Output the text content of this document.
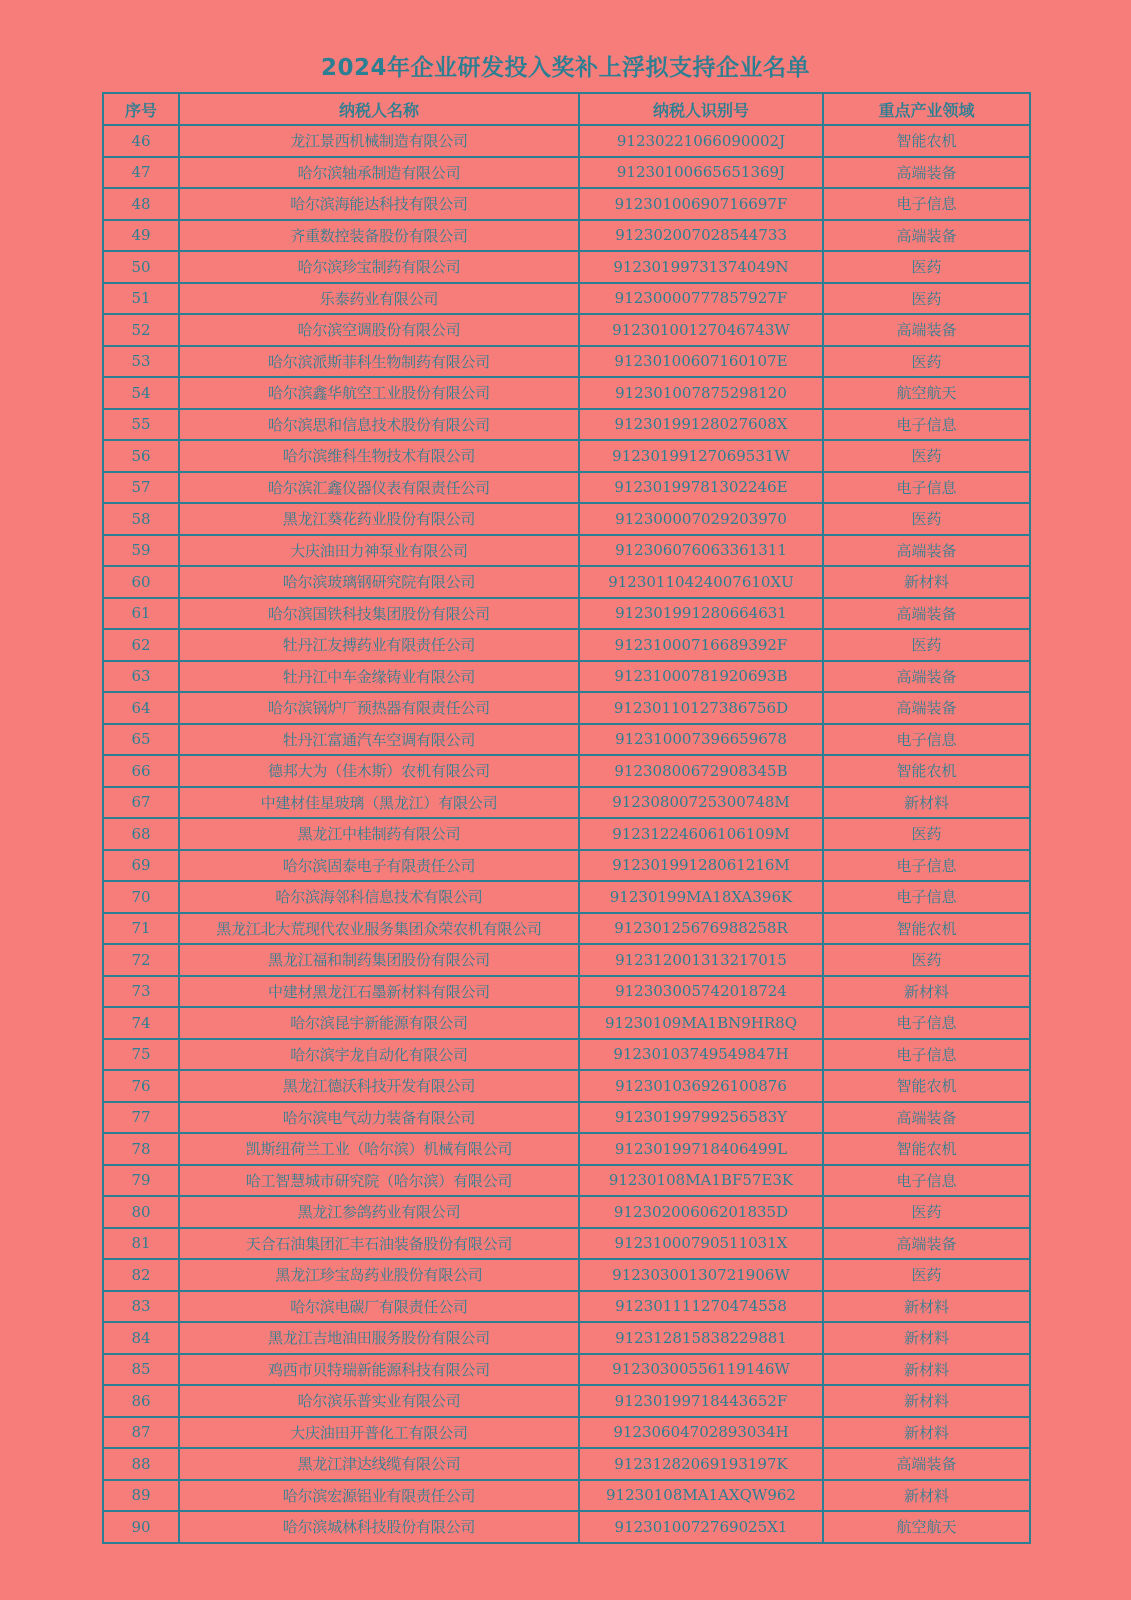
2024年企业研发投入奖补上浮拟支持企业名单
序号	纳税人名称	纳税人识别号	重点产业领域
46	龙江景西机械制造有限公司	91230221066090002J	智能农机
47	哈尔滨轴承制造有限公司	91230100665651369J	高端装备
48	哈尔滨海能达科技有限公司	91230100690716697F	电子信息
49	齐重数控装备股份有限公司	91230200702854473З	高端装备
50	哈尔滨珍宝制药有限公司	91230199731374049N	医药
51	乐泰药业有限公司	91230000777857927F	医药
52	哈尔滨空调股份有限公司	91230100127046743W	高端装备
53	哈尔滨派斯菲科生物制药有限公司	91230100607160107E	医药
54	哈尔滨鑫华航空工业股份有限公司	912301007875298120	航空航天
55	哈尔滨思和信息技术股份有限公司	91230199128027608X	电子信息
56	哈尔滨维科生物技术有限公司	91230199127069531W	医药
57	哈尔滨汇鑫仪器仪表有限责任公司	91230199781302246E	电子信息
58	黑龙江葵花药业股份有限公司	912300007029203970	医药
59	大庆油田力神泵业有限公司	912306076063361311	高端装备
60	哈尔滨玻璃钢研究院有限公司	91230110424007610XU	新材料
61	哈尔滨国铁科技集团股份有限公司	912301991280664631	高端装备
62	牡丹江友搏药业有限责任公司	91231000716689392F	医药
63	牡丹江中车金缘铸业有限公司	91231000781920693B	高端装备
64	哈尔滨锅炉厂预热器有限责任公司	91230110127386756D	高端装备
65	牡丹江富通汽车空调有限公司	912310007396659678	电子信息
66	德邦大为（佳木斯）农机有限公司	91230800672908345B	智能农机
67	中建材佳星玻璃（黑龙江）有限公司	91230800725300748M	新材料
68	黑龙江中桂制药有限公司	91231224606106109M	医药
69	哈尔滨固泰电子有限责任公司	91230199128061216M	电子信息
70	哈尔滨海邻科信息技术有限公司	91230199MA18XA396K	电子信息
71	黑龙江北大荒现代农业服务集团众荣农机有限公司	91230125676988258R	智能农机
72	黑龙江福和制药集团股份有限公司	912312001313217015	医药
73	中建材黑龙江石墨新材料有限公司	912303005742018724	新材料
74	哈尔滨昆宇新能源有限公司	91230109MA1BN9HR8Q	电子信息
75	哈尔滨宇龙自动化有限公司	91230103749549847H	电子信息
76	黑龙江德沃科技开发有限公司	912301036926100876	智能农机
77	哈尔滨电气动力装备有限公司	91230199799256583Y	高端装备
78	凯斯纽荷兰工业（哈尔滨）机械有限公司	91230199718406499L	智能农机
79	哈工智慧城市研究院（哈尔滨）有限公司	91230108MA1BF57E3K	电子信息
80	黑龙江参鸽药业有限公司	91230200606201835D	医药
81	天合石油集团汇丰石油装备股份有限公司	91231000790511031X	高端装备
82	黑龙江珍宝岛药业股份有限公司	91230300130721906W	医药
83	哈尔滨电碳厂有限责任公司	912301111270474558	新材料
84	黑龙江吉地油田服务股份有限公司	912312815838229881	新材料
85	鸡西市贝特瑞新能源科技有限公司	91230300556119146W	新材料
86	哈尔滨乐普实业有限公司	91230199718443652F	新材料
87	大庆油田开普化工有限公司	91230604702893034H	新材料
88	黑龙江津达线缆有限公司	91231282069193197K	高端装备
89	哈尔滨宏源铝业有限责任公司	91230108MA1AXQW962	新材料
90	哈尔滨城林科技股份有限公司	9123010072769025X1	航空航天
